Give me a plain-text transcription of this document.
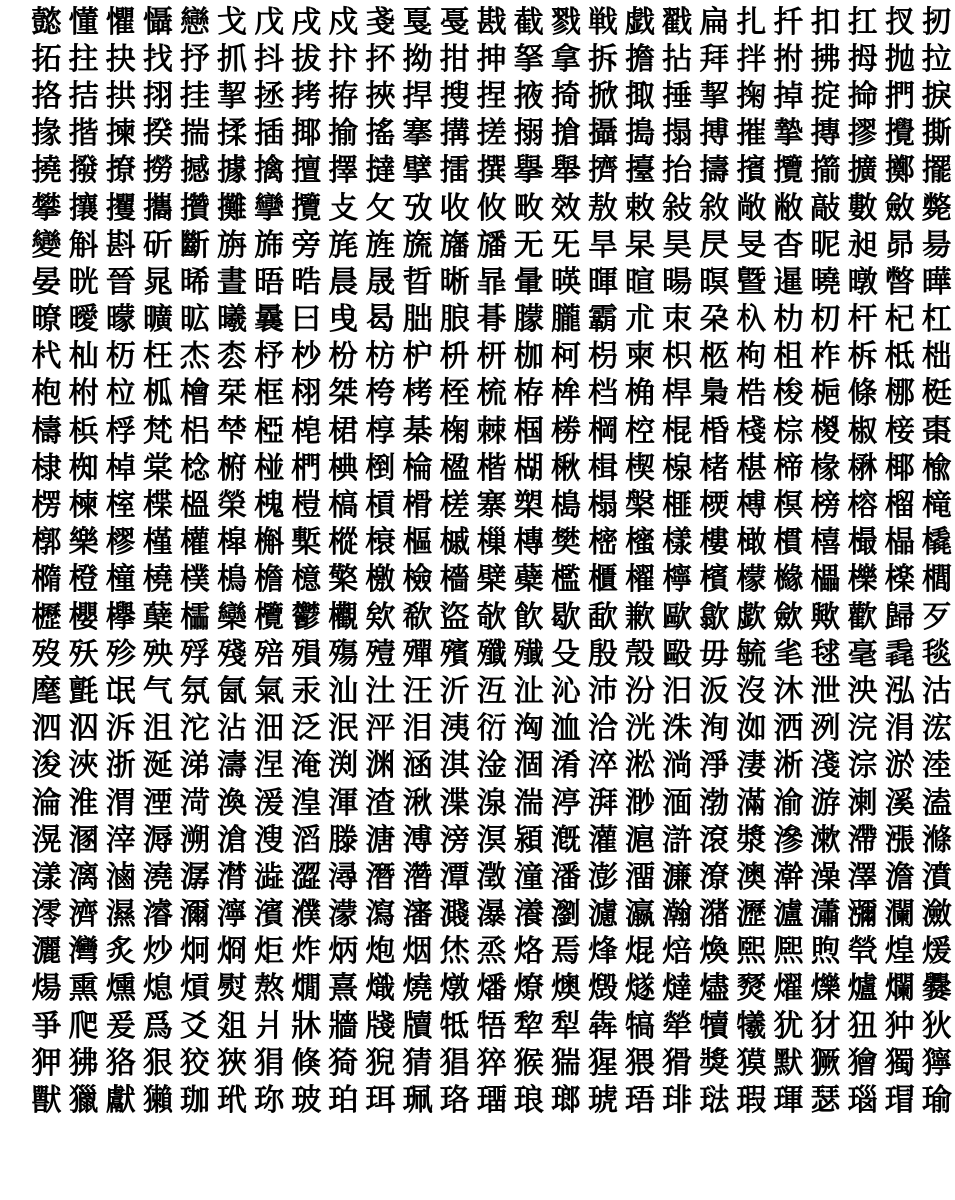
懿 懂 懼 懾 戀 戈 戊 戌 戍 戔 戛 戞 戡 截 戮 戦 戯 戳 扁 扎 扦 扣 扛 扠 扨
拓 拄 抉 找 抒 抓 抖 拔 抃 抔 拗 拑 抻 拏 拿 拆 擔 拈 拜 拌 拊 拂 拇 抛 拉
挌 拮 拱 挧 挂 挈 拯 拷 拵 挾 捍 搜 捏 掖 掎 掀 掫 捶 挈 掬 掉 掟 掵 捫 捩
掾 揩 揀 揆 揣 揉 插 揶 揄 搖 搴 搆 搓 搦 搶 攝 搗 搨 搏 摧 摯 摶 摎 攪 撕
撓 撥 撩 撈 撼 據 擒 擅 擇 撻 擘 擂 撰 擧 舉 擠 擡 抬 擣 擯 攬 擶 擴 擲 擺
攀 攘 攫 攜 攢 攤 攣 攬 攴 攵 攷 收 攸 畋 效 敖 敕 敍 敘 敞 敝 敲 數 斂 斃
變 斛 斟 斫 斷 旃 旆 旁 旄 旌 旒 旛 旙 无 旡 旱 杲 昊 昃 旻 杳 昵 昶 昴 昜
晏 晄 晉 晁 晞 晝 晤 晧 晨 晟 晢 晰 暃 暈 暎 暉 暄 暘 暝 曁 暹 曉 暾 暼 曄
暸 曖 曚 曠 昿 曦 曩 曰 曵 曷 朏 朖 朞 朦 朧 霸 朮 朿 朶 杁 朸 朷 杆 杞 杠
杙 杣 杤 枉 杰 枩 杼 杪 枌 枋 枦 枡 枅 枷 柯 枴 柬 枳 柩 枸 柤 柞 柝 柢 柮
枹 柎 柆 柧 檜 栞 框 栩 桀 桍 栲 桎 梳 栫 桙 档 桷 桿 梟 梏 梭 梔 條 梛 梃
檮 梹 桴 梵 梠 梺 椏 梍 桾 椁 棊 椈 棘 椢 椦 棡 椌 棍 棔 棧 棕 椶 椒 椄 棗
棣 椥 棹 棠 棯 椨 椪 椚 椣 椡 棆 楹 楷 楜 楸 楫 楔 楾 楮 椹 楴 椽 楙 椰 楡
楞 楝 榁 楪 榲 榮 槐 榿 槁 槓 榾 槎 寨 槊 槝 榻 槃 榧 樮 榑 榠 榜 榕 榴 槞
槨 樂 樛 槿 權 槹 槲 槧 樅 榱 樞 槭 樔 槫 樊 樒 櫁 樣 樓 橄 樌 橲 樶 橸 橇
橢 橙 橦 橈 樸 樢 檐 檍 檠 檄 檢 檣 檗 蘗 檻 櫃 櫂 檸 檳 檬 櫞 櫑 櫟 檪 櫚
櫪 櫻 欅 蘖 櫺 欒 欖 鬱 欟 欸 欷 盜 欹 飮 歇 歃 歉 歐 歙 歔 歛 歟 歡 歸 歹
歿 殀 殄 殃 殍 殘 殕 殞 殤 殪 殫 殯 殲 殱 殳 殷 殼 毆 毋 毓 毟 毬 毫 毳 毯
麾 氈 氓 气 氛 氤 氣 汞 汕 汢 汪 沂 沍 沚 沁 沛 汾 汨 汳 沒 沐 泄 泱 泓 沽
泗 泅 泝 沮 沱 沾 沺 泛 泯 泙 泪 洟 衍 洶 洫 洽 洸 洙 洵 洳 洒 洌 浣 涓 浤
浚 浹 浙 涎 涕 濤 涅 淹 渕 渊 涵 淇 淦 涸 淆 淬 淞 淌 淨 淒 淅 淺 淙 淤 淕
淪 淮 渭 湮 渮 渙 湲 湟 渾 渣 湫 渫 湶 湍 渟 湃 渺 湎 渤 滿 渝 游 溂 溪 溘
滉 溷 滓 溽 溯 滄 溲 滔 滕 溏 溥 滂 溟 潁 漑 灌 滬 滸 滾 漿 滲 漱 滯 漲 滌
漾 漓 滷 澆 潺 潸 澁 澀 潯 潛 濳 潭 澂 潼 潘 澎 澑 濂 潦 澳 澣 澡 澤 澹 濆
澪 濟 濕 濬 濔 濘 濱 濮 濛 瀉 瀋 濺 瀑 瀁 瀏 濾 瀛 瀚 潴 瀝 瀘 瀟 瀰 瀾 瀲
灑 灣 炙 炒 炯 烱 炬 炸 炳 炮 烟 烋 烝 烙 焉 烽 焜 焙 煥 煕 熈 煦 煢 煌 煖
煬 熏 燻 熄 熕 熨 熬 燗 熹 熾 燒 燉 燔 燎 燠 燬 燧 燵 燼 燹 燿 爍 爐 爛 爨
爭 爬 爰 爲 爻 爼 爿 牀 牆 牋 牘 牴 牾 犂 犁 犇 犒 犖 犢 犧 犹 犲 狃 狆 狄
狎 狒 狢 狠 狡 狹 狷 倏 猗 猊 猜 猖 猝 猴 猯 猩 猥 猾 獎 獏 默 獗 獪 獨 獰
獸 獵 獻 獺 珈 玳 珎 玻 珀 珥 珮 珞 璢 琅 瑯 琥 珸 琲 琺 瑕 琿 瑟 瑙 瑁 瑜
